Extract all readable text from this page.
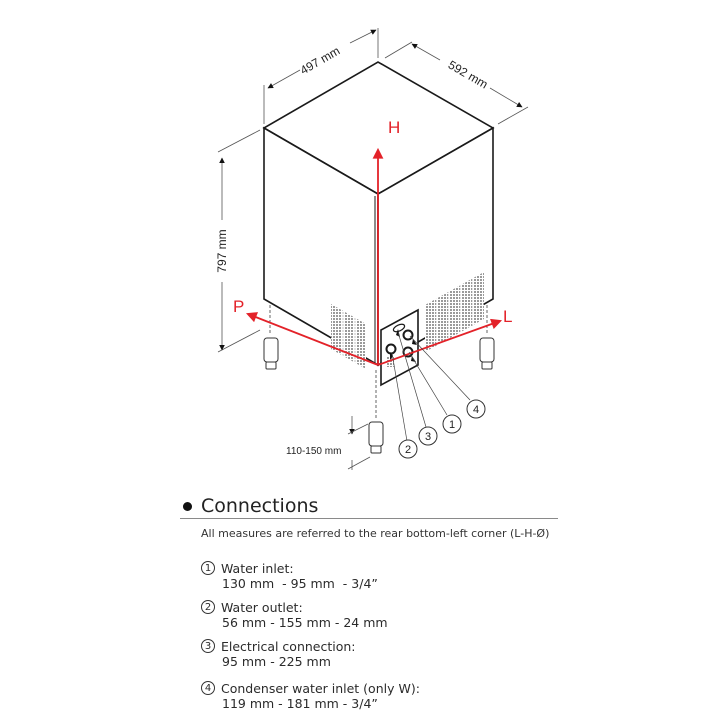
H
P
L
497 mm	592 mm
797 mm
110-150 mm
4
1
3
2
Connections
All measures are referred to the rear bottom-left corner (L-H-Ø)
1 Water inlet:
130 mm  - 95 mm  - 3/4”
2 Water outlet:
56 mm - 155 mm - 24 mm
3 Electrical connection:
95 mm - 225 mm
4 Condenser water inlet (only W):
119 mm - 181 mm - 3/4”
